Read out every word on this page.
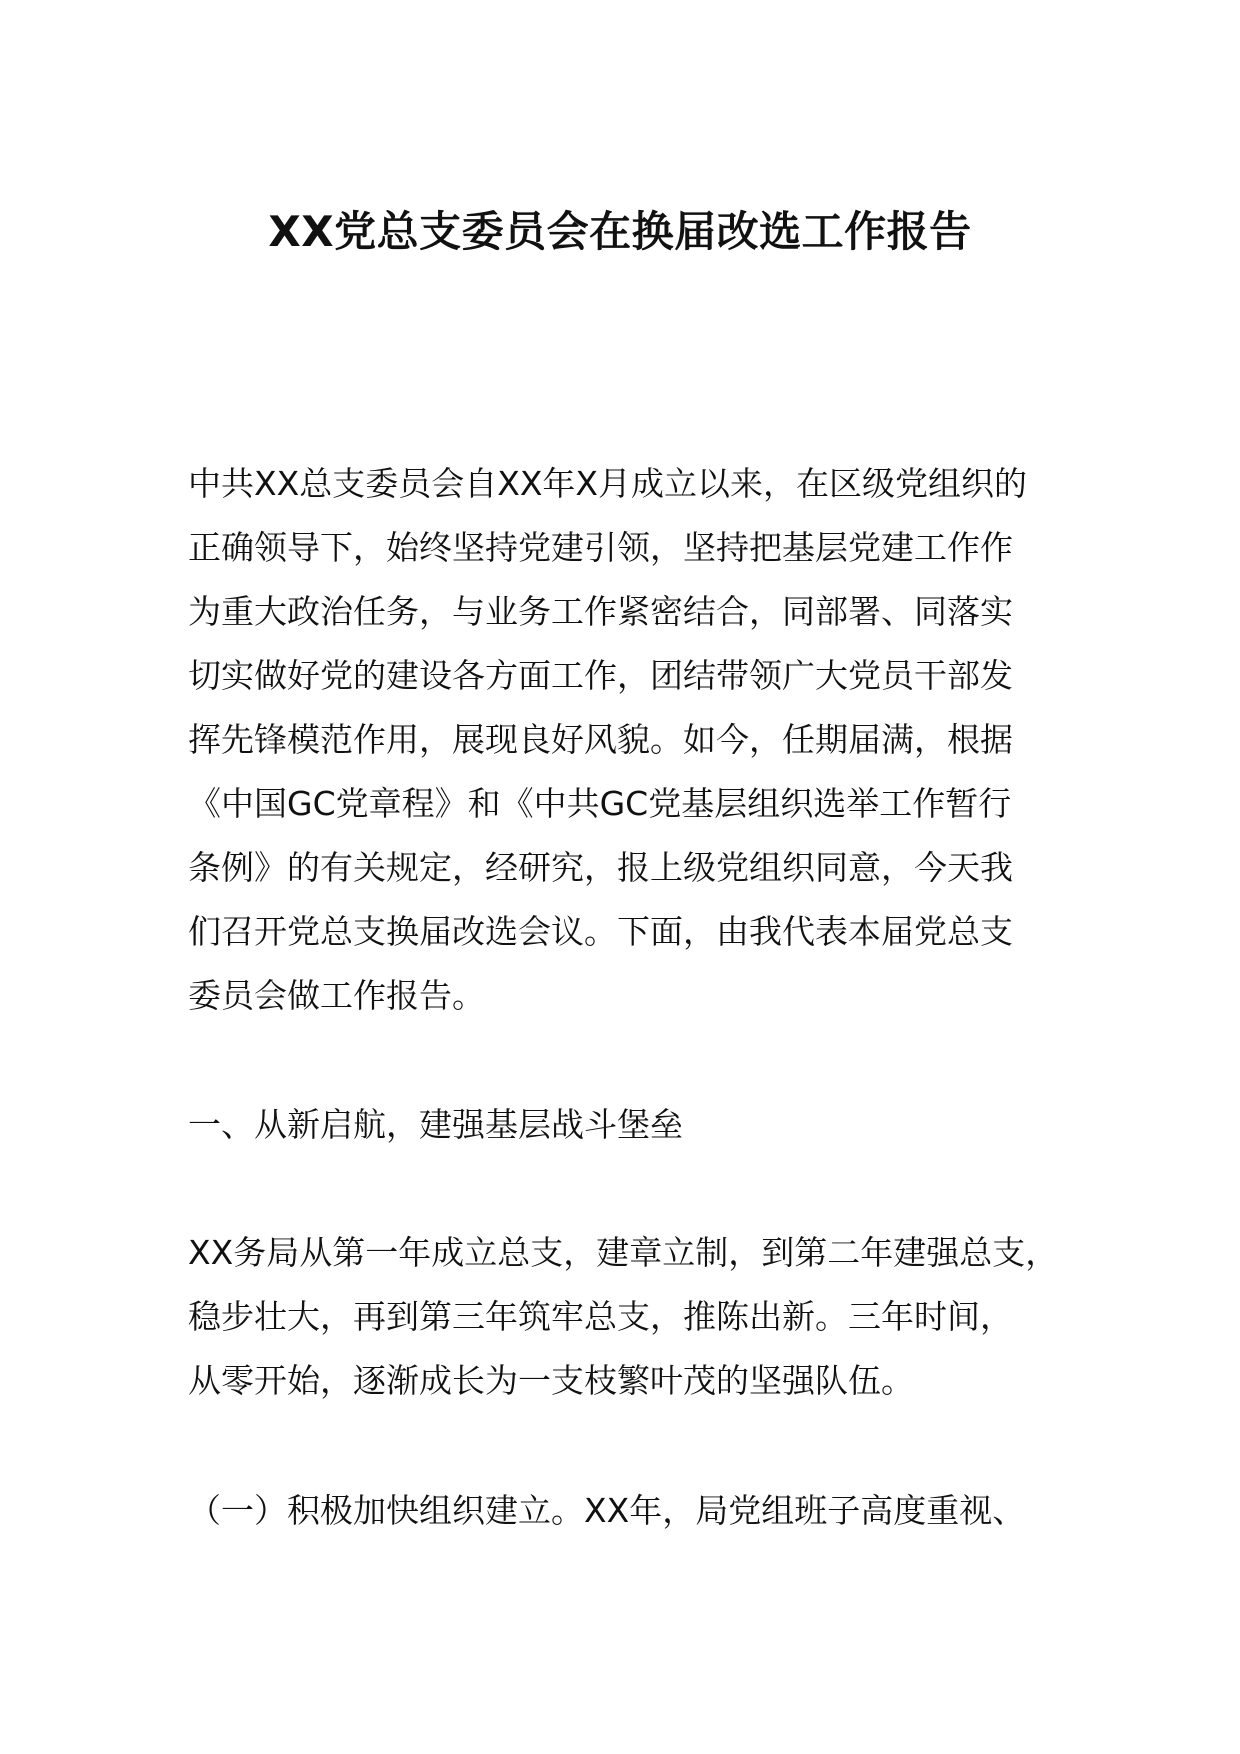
XX党总支委员会在换届改选工作报告
中共XX总支委员会自XX年X月成立以来，在区级党组织的
正确领导下，始终坚持党建引领，坚持把基层党建工作作
为重大政治任务，与业务工作紧密结合，同部署、同落实
切实做好党的建设各方面工作，团结带领广大党员干部发
挥先锋模范作用，展现良好风貌。如今，任期届满，根据
《中国GC党章程》和《中共GC党基层组织选举工作暂行
条例》的有关规定，经研究，报上级党组织同意，今天我
们召开党总支换届改选会议。下面，由我代表本届党总支
委员会做工作报告。
一、从新启航，建强基层战斗堡垒
XX务局从第一年成立总支，建章立制，到第二年建强总支，
稳步壮大，再到第三年筑牢总支，推陈出新。三年时间，
从零开始，逐渐成长为一支枝繁叶茂的坚强队伍。
（一）积极加快组织建立。XX年，局党组班子高度重视、
